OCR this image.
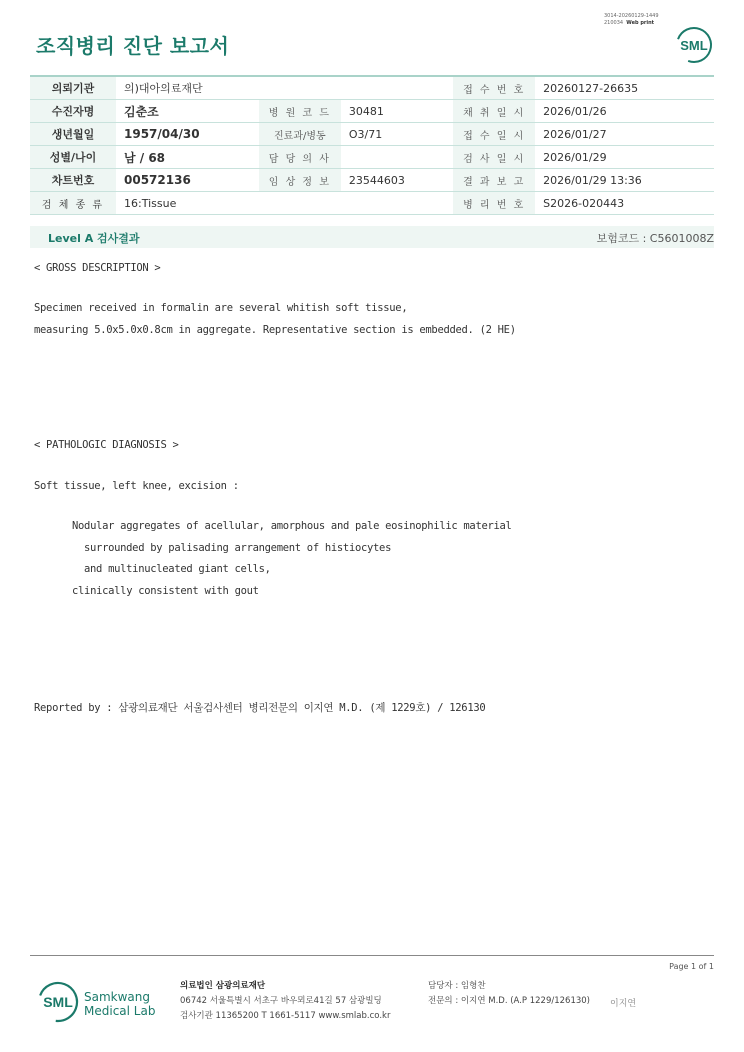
조직병리 진단 보고서
3014-20260129-1449
210034 Web print
SML
의뢰기관	의)대아의료재단			접 수 번 호	20260127-26635
수진자명	김춘조	병 원 코 드	30481	채 취 일 시	2026/01/26
생년월일	1957/04/30	진료과/병동	O3/71	접 수 일 시	2026/01/27
성별/나이	남 / 68	담 당 의 사		검 사 일 시	2026/01/29
차트번호	00572136	임 상 정 보	23544603	결 과 보 고	2026/01/29 13:36
검 체 종 류	16:Tissue			병 리 번 호	S2026-020443
Level A 검사결과	보험코드 : C5601008Z
< GROSS DESCRIPTION >
Specimen received in formalin are several whitish soft tissue,
measuring 5.0x5.0x0.8cm in aggregate. Representative section is embedded. (2 HE)
< PATHOLOGIC DIAGNOSIS >
Soft tissue, left knee, excision :
Nodular aggregates of acellular, amorphous and pale eosinophilic material
surrounded by palisading arrangement of histiocytes
and multinucleated giant cells,
clinically consistent with gout
Reported by : 삼광의료재단 서울검사센터 병리전문의 이지연 M.D. (제 1229호) / 126130
Page 1 of 1
SML Samkwang
Medical Lab
의료법인 삼광의료재단
06742 서울특별시 서초구 바우뫼로41길 57 삼광빌딩
검사기관 11365200 T 1661-5117 www.smlab.co.kr
담당자 : 임형찬
전문의 : 이지연 M.D. (A.P 1229/126130) 이지연
